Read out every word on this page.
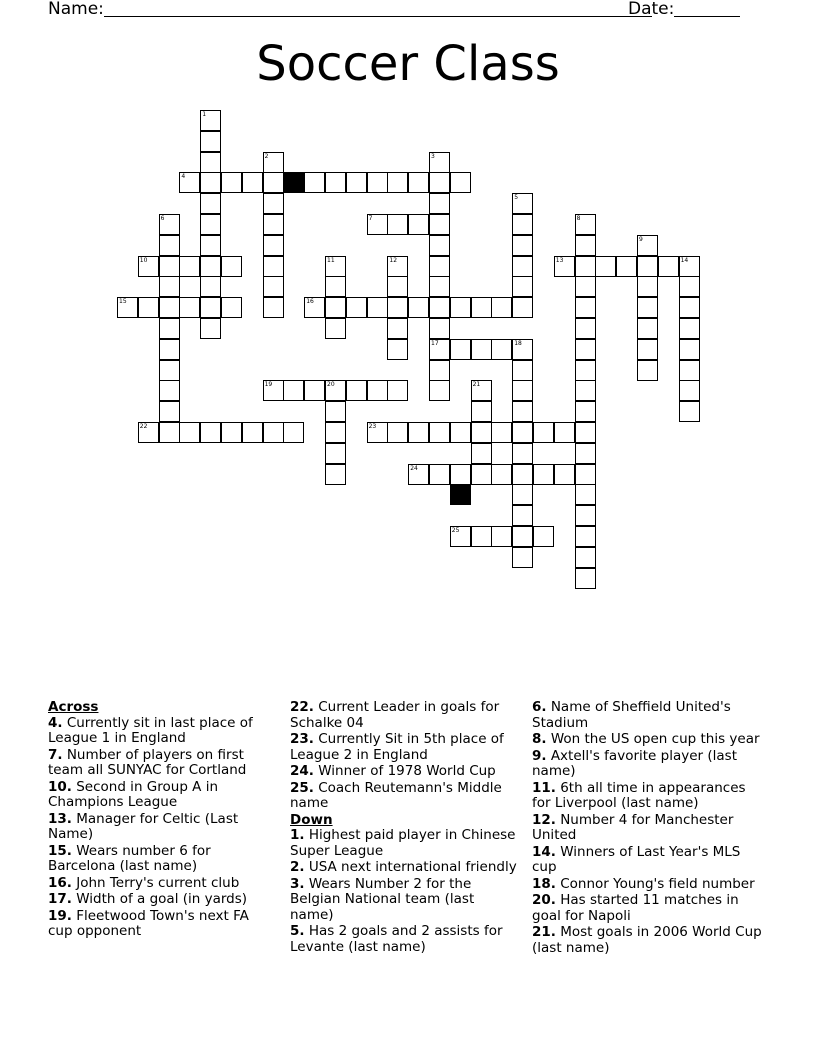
Name:	Date:
Soccer Class
4
7
10	13	14
15	16
17	18
19	20
22	23
24
25
1
2	3
5
6	8
9
11	12
21
Across
4. Currently sit in last place of League 1 in England
7. Number of players on first team all SUNYAC for Cortland
10. Second in Group A in Champions League
13. Manager for Celtic (Last Name)
15. Wears number 6 for Barcelona (last name)
16. John Terry's current club
17. Width of a goal (in yards)
19. Fleetwood Town's next FA cup opponent
22. Current Leader in goals for Schalke 04
23. Currently Sit in 5th place of League 2 in England
24. Winner of 1978 World Cup
25. Coach Reutemann's Middle name
Down
1. Highest paid player in Chinese Super League
2. USA next international friendly
3. Wears Number 2 for the Belgian National team (last name)
5. Has 2 goals and 2 assists for Levante (last name)
6. Name of Sheffield United's Stadium
8. Won the US open cup this year
9. Axtell's favorite player (last name)
11. 6th all time in appearances for Liverpool (last name)
12. Number 4 for Manchester United
14. Winners of Last Year's MLS cup
18. Connor Young's field number
20. Has started 11 matches in goal for Napoli
21. Most goals in 2006 World Cup (last name)
